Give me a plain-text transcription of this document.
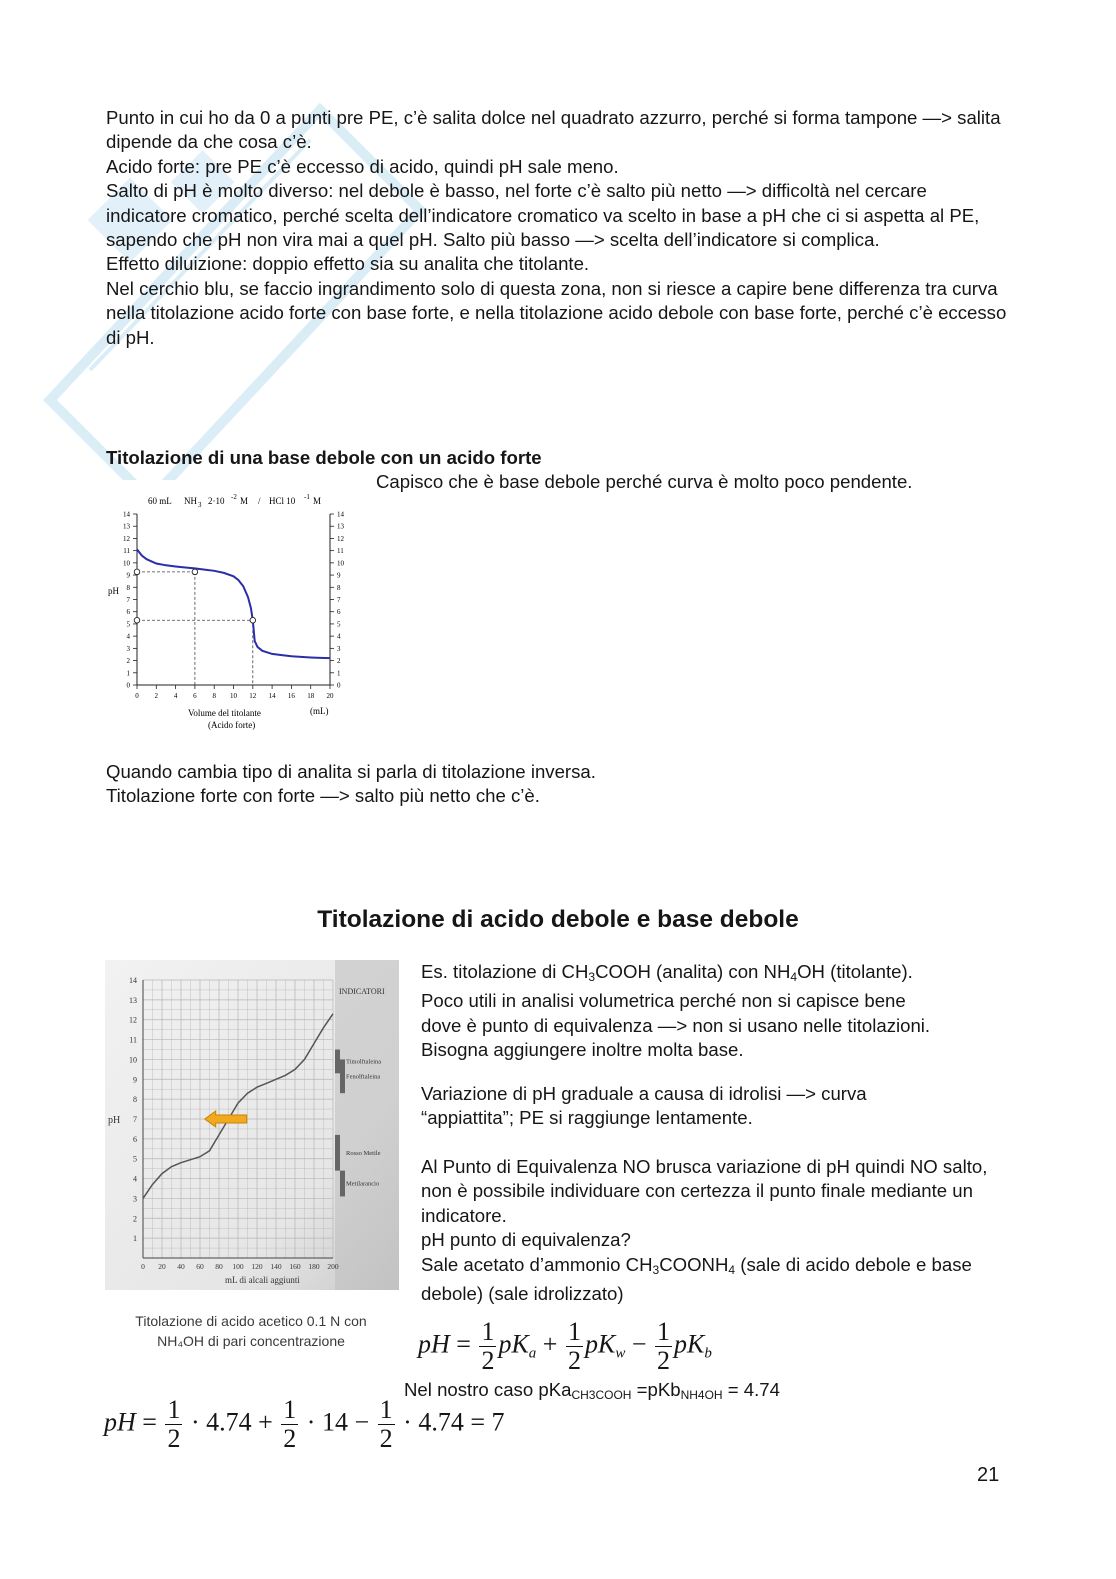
Punto in cui ho da 0 a punti pre PE, c’è salita dolce nel quadrato azzurro, perché si forma tampone —> salita dipende da che cosa c’è.

Acido forte: pre PE c’è eccesso di acido, quindi pH sale meno.

Salto di pH è molto diverso: nel debole è basso, nel forte c’è salto più netto —> difficoltà nel cercare indicatore cromatico, perché scelta dell’indicatore cromatico va scelto in base a pH che ci si aspetta al PE, sapendo che pH non vira mai a quel pH. Salto più basso —> scelta dell’indicatore si complica.

Effetto diluizione: doppio effetto sia su analita che titolante.

Nel cerchio blu, se faccio ingrandimento solo di questa zona, non si riesce a capire bene differenza tra curva nella titolazione acido forte con base forte, e nella titolazione acido debole con base forte, perché c’è eccesso di pH.

Titolazione di una base debole con un acido forte
Capisco che è base debole perché curva è molto poco pendente.
60 mL NH 3 2·10 -2 M / HCl 10 -1 M
pH
Volume del titolante
(Acido forte)
(mL)
0	0
1	1
2	2
3	3
4	4
5	5
6	6
7	7
8	8
9	9
10	10
11	11
12	12
13	13
14	14
0 2 4 6 8 10 12 14 16 18 20

Quando cambia tipo di analita si parla di titolazione inversa.

Titolazione forte con forte —> salto più netto che c’è.

Titolazione di acido debole e base debole
pH
mL di alcali aggiunti
INDICATORI
1
2
3
4
5
6
7
8
9
10
11
12
13
14
0 20 40 60 80 100 120 140 160 180 200
Timolftaleina
Fenolftaleina
Rosso Metile
Metilarancio
Titolazione di acido acetico 0.1 N con
NH₄OH di pari concentrazione

Es. titolazione di CH3COOH (analita) con NH4OH (titolante).

Poco utili in analisi volumetrica perché non si capisce bene

dove è punto di equivalenza —> non si usano nelle titolazioni.

Bisogna aggiungere inoltre molta base.

Variazione di pH graduale a causa di idrolisi —> curva “appiattita”; PE si raggiunge lentamente.

Al Punto di Equivalenza NO brusca variazione di pH quindi NO salto, non è possibile individuare con certezza il punto finale mediante un indicatore.

pH punto di equivalenza?

Sale acetato d’ammonio CH3COONH4 (sale di acido debole e base debole) (sale idrolizzato)

pH = $\frac{1}{2} pK_a + \frac{1}{2} pK_w - \frac{1}{2} pK_b$
Nel nostro caso pKaCH3COOH =pKbNH4OH = 4.74
pH = $\frac{1}{2} \cdot 4.74 + \frac{1}{2} \cdot 14 - \frac{1}{2} \cdot 4.74 = 7$
21
